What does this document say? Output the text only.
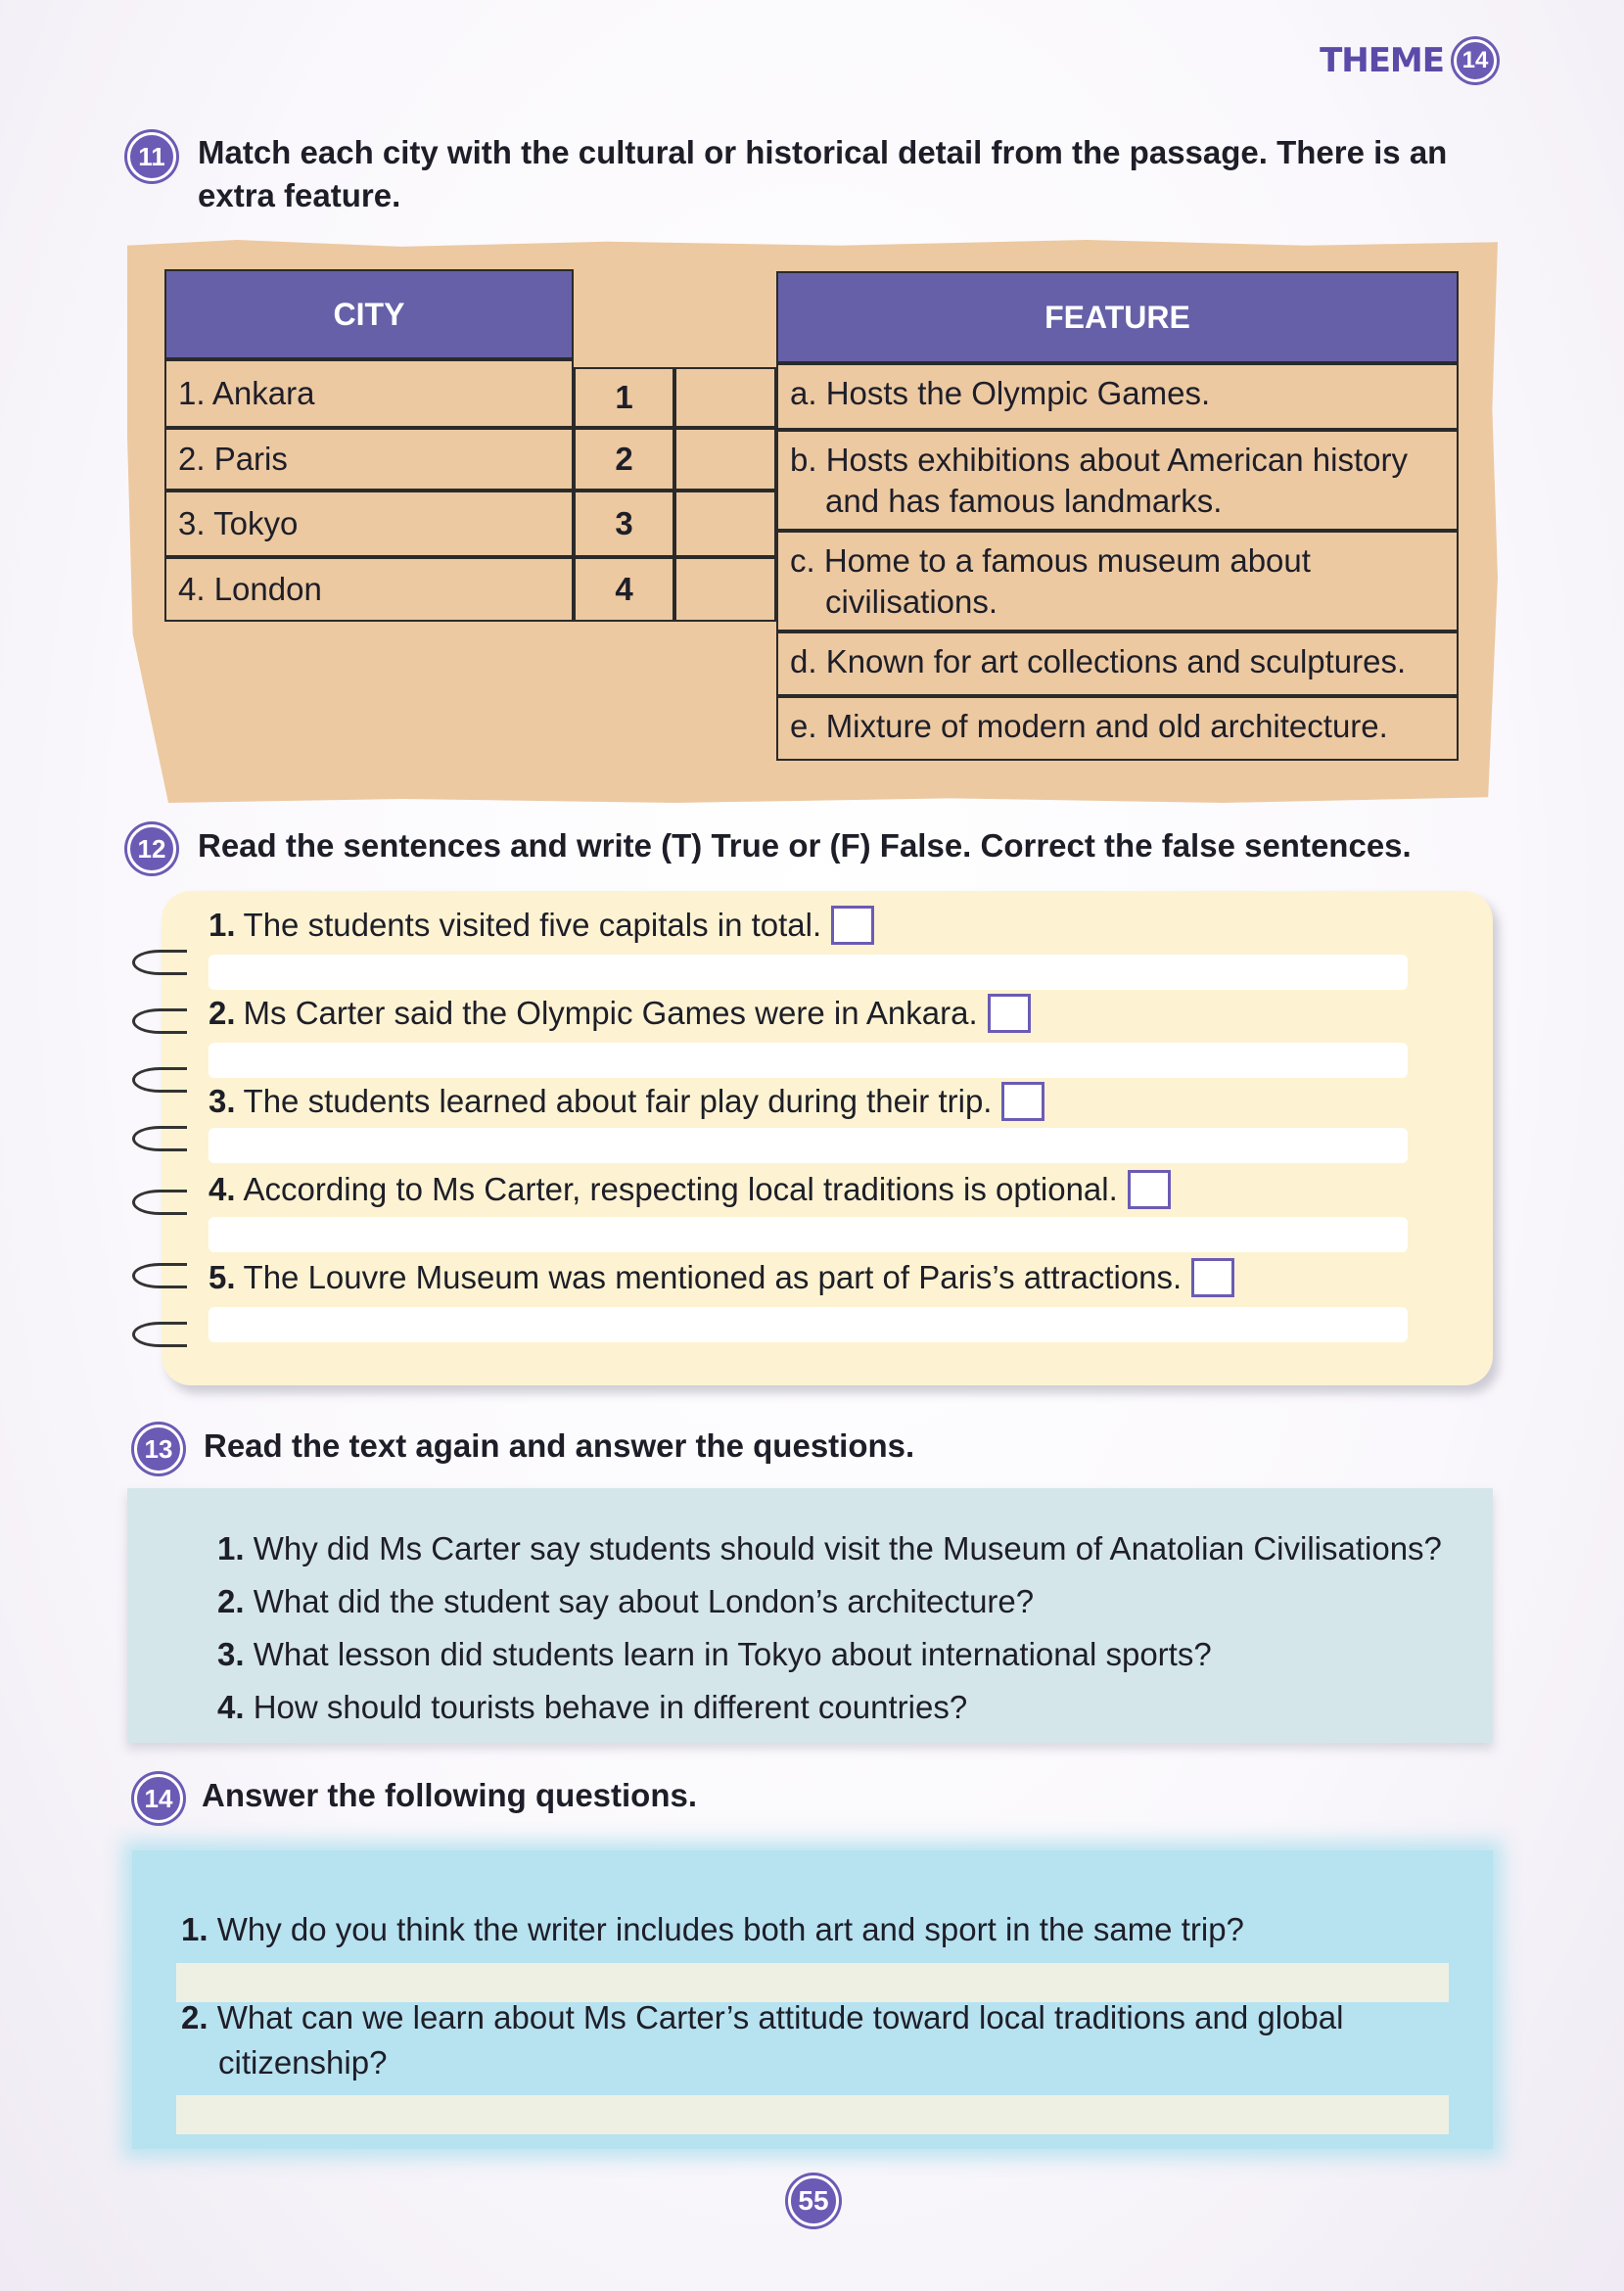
THEME 14
11	Match each city with the cultural or historical detail from the passage. There is an extra feature.
CITY	FEATURE
1. Ankara
2. Paris
3. Tokyo
4. London
1
2
3
4
a. Hosts the Olympic Games.
b. Hosts exhibitions about American history and has famous landmarks.
c. Home to a famous museum about civilisations.
d. Known for art collections and sculptures.
e. Mixture of modern and old architecture.
12 Read the sentences and write (T) True or (F) False. Correct the false sentences.
1. The students visited five capitals in total.
2. Ms Carter said the Olympic Games were in Ankara.
3. The students learned about fair play during their trip.
4. According to Ms Carter, respecting local traditions is optional.
5. The Louvre Museum was mentioned as part of Paris’s attractions.
13 Read the text again and answer the questions.
1. Why did Ms Carter say students should visit the Museum of Anatolian Civilisations?
2. What did the student say about London’s architecture?
3. What lesson did students learn in Tokyo about international sports?
4. How should tourists behave in different countries?
14 Answer the following questions.
1. Why do you think the writer includes both art and sport in the same trip?
2. What can we learn about Ms Carter’s attitude toward local traditions and global citizenship?
55
